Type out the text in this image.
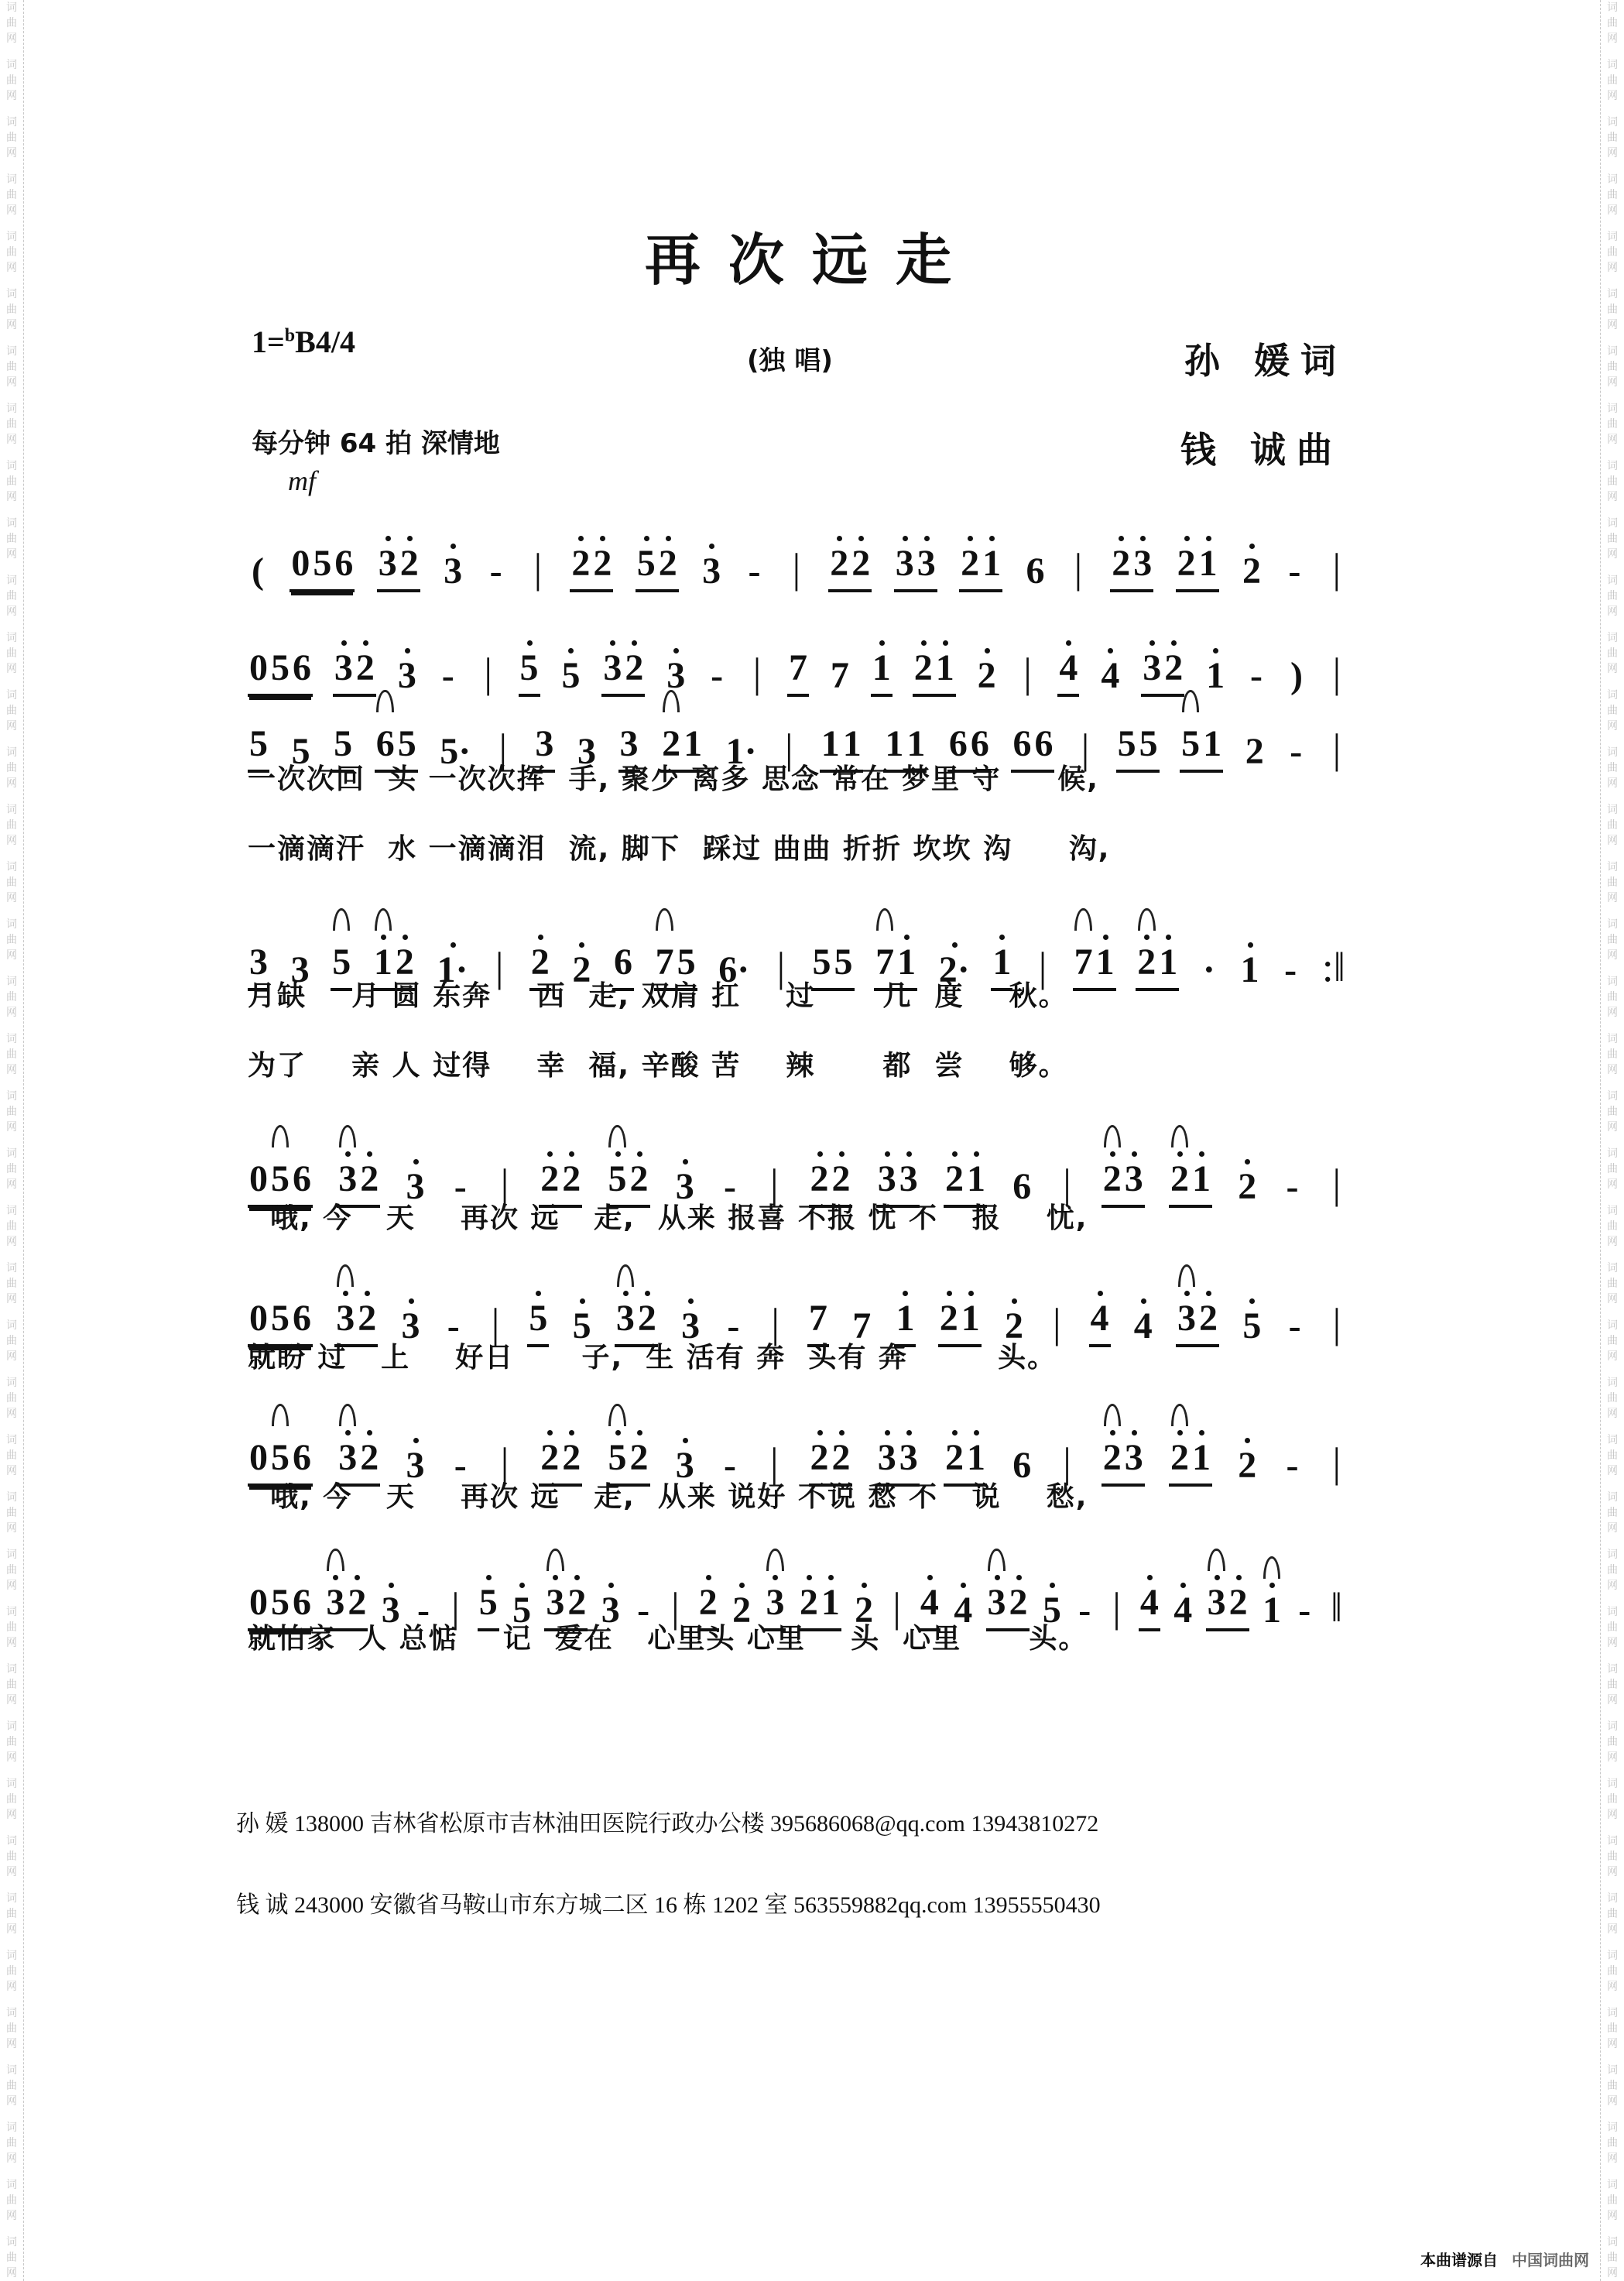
词
曲
网
词
曲
网
词
曲
网
词
曲
网
词
曲
网
词
曲
网
词
曲
网
词
曲
网
词
曲
网
词
曲
网
词
曲
网
词
曲
网
词
曲
网
词
曲
网
词
曲
网
词
曲
网
词
曲
网
词
曲
网
词
曲
网
词
曲
网
词
曲
网
词
曲
网
词
曲
网
词
曲
网
词
曲
网
词
曲
网
词
曲
网
词
曲
网
词
曲
网
词
曲
网
词
曲
网
词
曲
网
词
曲
网
词
曲
网
词
曲
网
词
曲
网
词
曲
网
词
曲
网
词
曲
网
词
曲
网
词
曲
网
词
曲
网
词
曲
网
词
曲
网
词
曲
网
词
曲
网
词
曲
网
词
曲
网
词
曲
网
词
曲
网
词
曲
网
词
曲
网
词
曲
网
词
曲
网
词
曲
网
词
曲
网
词
曲
网
词
曲
网
词
曲
网
词
曲
网
词
曲
网
词
曲
网
词
曲
网
词
曲
网
词
曲
网
词
曲
网
词
曲
网
词
曲
网
词
曲
网
词
曲
网
词
曲
网
词
曲
网
词
曲
网
词
曲
网
词
曲
网
词
曲
网
词
曲
网
词
曲
网
词
曲
网
词
曲
网
再次远走
1=$^b$B4/4
(独 唱)	孙 媛词
每分钟 64 拍 深情地	钱 诚曲
mf
( 0 5 6 3 2 3 - | 2 2 5 2 3 - | 2 2 3 3 2 1 6 | 2 3 2 1 2 - |
0 5 6 3 2 3 - | 5 5 3 2 3 - | 7 7 1 2 1 2 | 4 4 3 2 1 - ) |
5 5 5 6 5 5· | 3 3 3 2 1 1· | 1 1 1 1 6 6 6 6 | 5 5 5 1 2 - |
3 3 5 1 2 1· | 2 2 6 7 5 6· | 5 5 7 1 2· 1 | 7 1 2 1 · 1 - :‖
0 5 6 3 2 3 - | 2 2 5 2 3 - | 2 2 3 3 2 1 6 | 2 3 2 1 2 - |
0 5 6 3 2 3 - | 5 5 3 2 3 - | 7 7 1 2 1 2 | 4 4 3 2 5 - |
0 5 6 3 2 3 - | 2 2 5 2 3 - | 2 2 3 3 2 1 6 | 2 3 2 1 2 - |
0 5 6 3 2 3 - | 5 5 3 2 3 - | 2 2 3 2 1 2 | 4 4 3 2 5 - | 4 4 3 2 1 - ‖
一次次回  头 一次次挥  手, 聚少 离多 思念 常在 梦里 守     候,
一滴滴汗  水 一滴滴泪  流, 脚下  踩过 曲曲 折折 坎坎 沟     沟,
月缺    月 圆 东奔    西  走, 双肩 扛    过      几  度    秋。
为了    亲 人 过得    幸  福, 辛酸 苦    辣      都  尝    够。
哦, 今   天    再次 远   走,  从来 报喜 不报 忧 不   报    忧,
就盼 过   上    好日      子,  生 活有 奔  头有 奔        头。
哦, 今   天    再次 远   走,  从来 说好 不说 愁 不   说    愁,
就怕家  人 总惦    记  爱在   心里头 心里    头  心里      头。
孙 媛 138000 吉林省松原市吉林油田医院行政办公楼 395686068@qq.com 13943810272
钱 诚 243000 安徽省马鞍山市东方城二区 16 栋 1202 室 563559882qq.com 13955550430
本曲谱源自 中国词曲网
